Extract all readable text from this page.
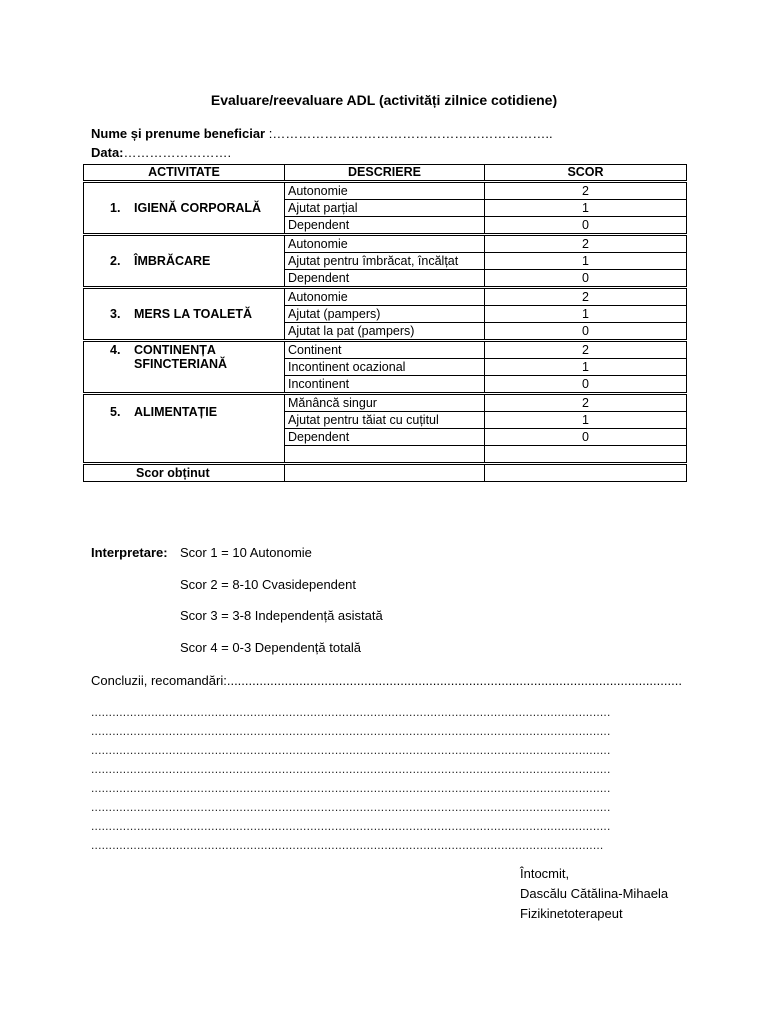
Evaluare/reevaluare ADL (activități zilnice cotidiene)
Nume și prenume beneficiar :………………………………………………………..
Data:…………………….
ACTIVITATE	DESCRIERE	SCOR
1. IGIENĂ CORPORALĂ	Autonomie	2
	Ajutat parțial	1
	Dependent	0
2. ÎMBRĂCARE	Autonomie	2
	Ajutat pentru îmbrăcat, încălțat	1
	Dependent	0
3. MERS LA TOALETĂ	Autonomie	2
	Ajutat (pampers)	1
	Ajutat la pat (pampers)	0

4. CONTINENȚA SFINCTERIANĂ	Continent	2
	Incontinent ocazional	1
	Incontinent	0
5. ALIMENTAȚIE	Mănâncă singur	2
	Ajutat pentru tăiat cu cuțitul	1
	Dependent	0

Scor obținut		
Interpretare: Scor 1 = 10 Autonomie
Scor 2 = 8-10 Cvasidependent
Scor 3 = 3-8 Independență asistată
Scor 4 = 0-3 Dependență totală
Concluzii, recomandări:..............................................................................................................................
...................................................................................................................................................
...................................................................................................................................................
...................................................................................................................................................
...................................................................................................................................................
...................................................................................................................................................
...................................................................................................................................................
...................................................................................................................................................
.................................................................................................................................................
Întocmit,
Dascălu Cătălina-Mihaela
Fizikinetoterapeut
